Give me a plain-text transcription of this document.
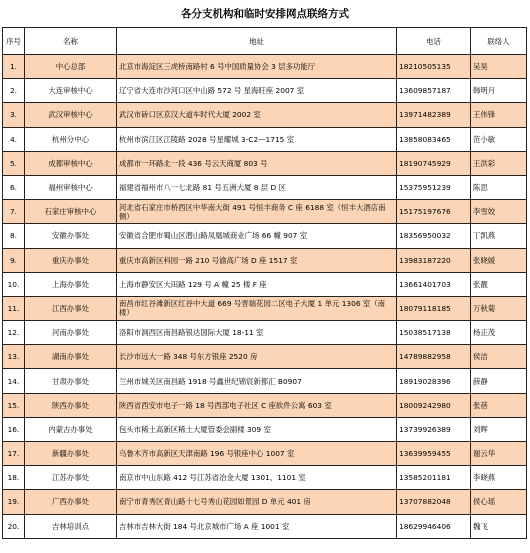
各分支机构和临时安排网点联络方式
序号	名称	地址	电话	联络人
1.	中心总部	北京市海淀区三虎桥南路村 6 号中国质量协会 3 层多功能厅	18210505135	吴昊
2.	大连审核中心	辽宁省大连市沙河口区中山路 572 号 星海旺座 2007 室	13609857187	韩明月
3.	武汉审核中心	武汉市硚口区京汉大道车时代大厦 2002 室	13971482389	王伟锋
4.	杭州分中心	杭州市滨江区江陵路 2028 号星耀城 3-C2—1715 室	13858083465	范小敏
5.	成都审核中心	成都市一环路北一段 436 号云天商厦 803 号	18190745929	王洪彩
6.	福州审核中心	福建省福州市八一七北路 81 号五洲大厦 8 层 D 区	15375951239	陈思
7.	石家庄审核中心	河北省石家庄市桥西区中华南大街 491 号恒丰商务 C 座 6188 室（恒丰大酒店南侧）	15175197676	李雪姣
8.	安徽办事处	安徽省合肥市蜀山区潜山路凤凰城商业广场 66 幢 907 室	18356950032	丁凯燕
9.	重庆办事处	重庆市高新区科园一路 210 号渝高广场 D 座 1517 室	13983187220	张晓媛
10.	上海办事处	上海市静安区大田路 129 号 A 幢 25 楼 F 座	13661401703	张靓
11.	江西办事处	南昌市红谷滩新区红谷中大道 669 号晋瑞花园二区电子大厦 1 单元 1306 室（南楼）	18079118185	万秋菊
12.	河南办事处	洛阳市洞西区南昌路银达国际大厦 18-11 室	15038517138	杨正茂
13.	湖南办事处	长沙市远大一路 348 号东方银座 2520 房	14789882958	侯洁
14.	甘肃办事处	兰州市城关区南昌路 1918 号鑫世纪锦宸新都汇 B0907	18919028396	薛静
15.	陕西办事处	陕西省西安市电子一路 18 号西部电子社区 C 座软件公寓 603 室	18009242980	张蓓
16.	内蒙古办事处	包头市稀土高新区稀土大厦管委会副楼 309 室	13739926389	刘辉
17.	新疆办事处	乌鲁木齐市高新区天津南路 196 号银座中心 1007 室	13639959455	谢云华
18.	江苏办事处	南京市中山东路 412 号江苏省冶金大厦 1301、1101 室	13585201181	李晓燕
19.	广西办事处	南宁市青秀区青山路十七号秀山花园如景园 D 单元 401 房	13707882048	侯心瑶
20.	吉林培训点	吉林市吉林大街 184 号北京城市广场 A 座 1001 室	18629946406	魏飞
